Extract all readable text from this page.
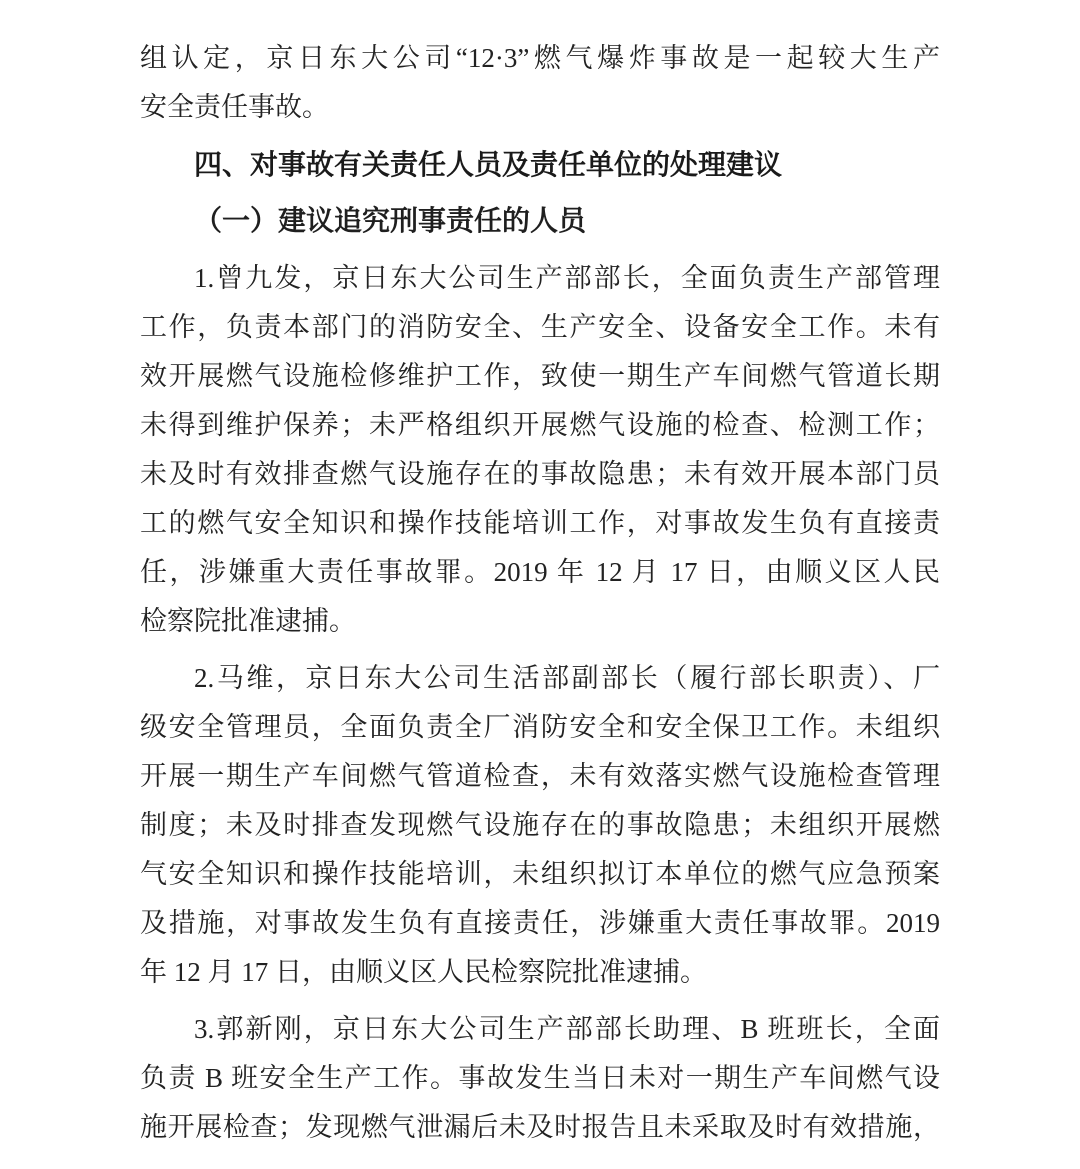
组认定，京日东大公司“12·3”燃气爆炸事故是一起较大生产
安全责任事故。
四、对事故有关责任人员及责任单位的处理建议
（一）建议追究刑事责任的人员
1.曾九发，京日东大公司生产部部长，全面负责生产部管理
工作，负责本部门的消防安全、生产安全、设备安全工作。未有
效开展燃气设施检修维护工作，致使一期生产车间燃气管道长期
未得到维护保养；未严格组织开展燃气设施的检查、检测工作；
未及时有效排查燃气设施存在的事故隐患；未有效开展本部门员
工的燃气安全知识和操作技能培训工作，对事故发生负有直接责
任，涉嫌重大责任事故罪。2019 年 12 月 17 日，由顺义区人民
检察院批准逮捕。
2.马维，京日东大公司生活部副部长（履行部长职责）、厂
级安全管理员，全面负责全厂消防安全和安全保卫工作。未组织
开展一期生产车间燃气管道检查，未有效落实燃气设施检查管理
制度；未及时排查发现燃气设施存在的事故隐患；未组织开展燃
气安全知识和操作技能培训，未组织拟订本单位的燃气应急预案
及措施，对事故发生负有直接责任，涉嫌重大责任事故罪。2019
年 12 月 17 日，由顺义区人民检察院批准逮捕。
3.郭新刚，京日东大公司生产部部长助理、B 班班长，全面
负责 B 班安全生产工作。事故发生当日未对一期生产车间燃气设
施开展检查；发现燃气泄漏后未及时报告且未采取及时有效措施，
